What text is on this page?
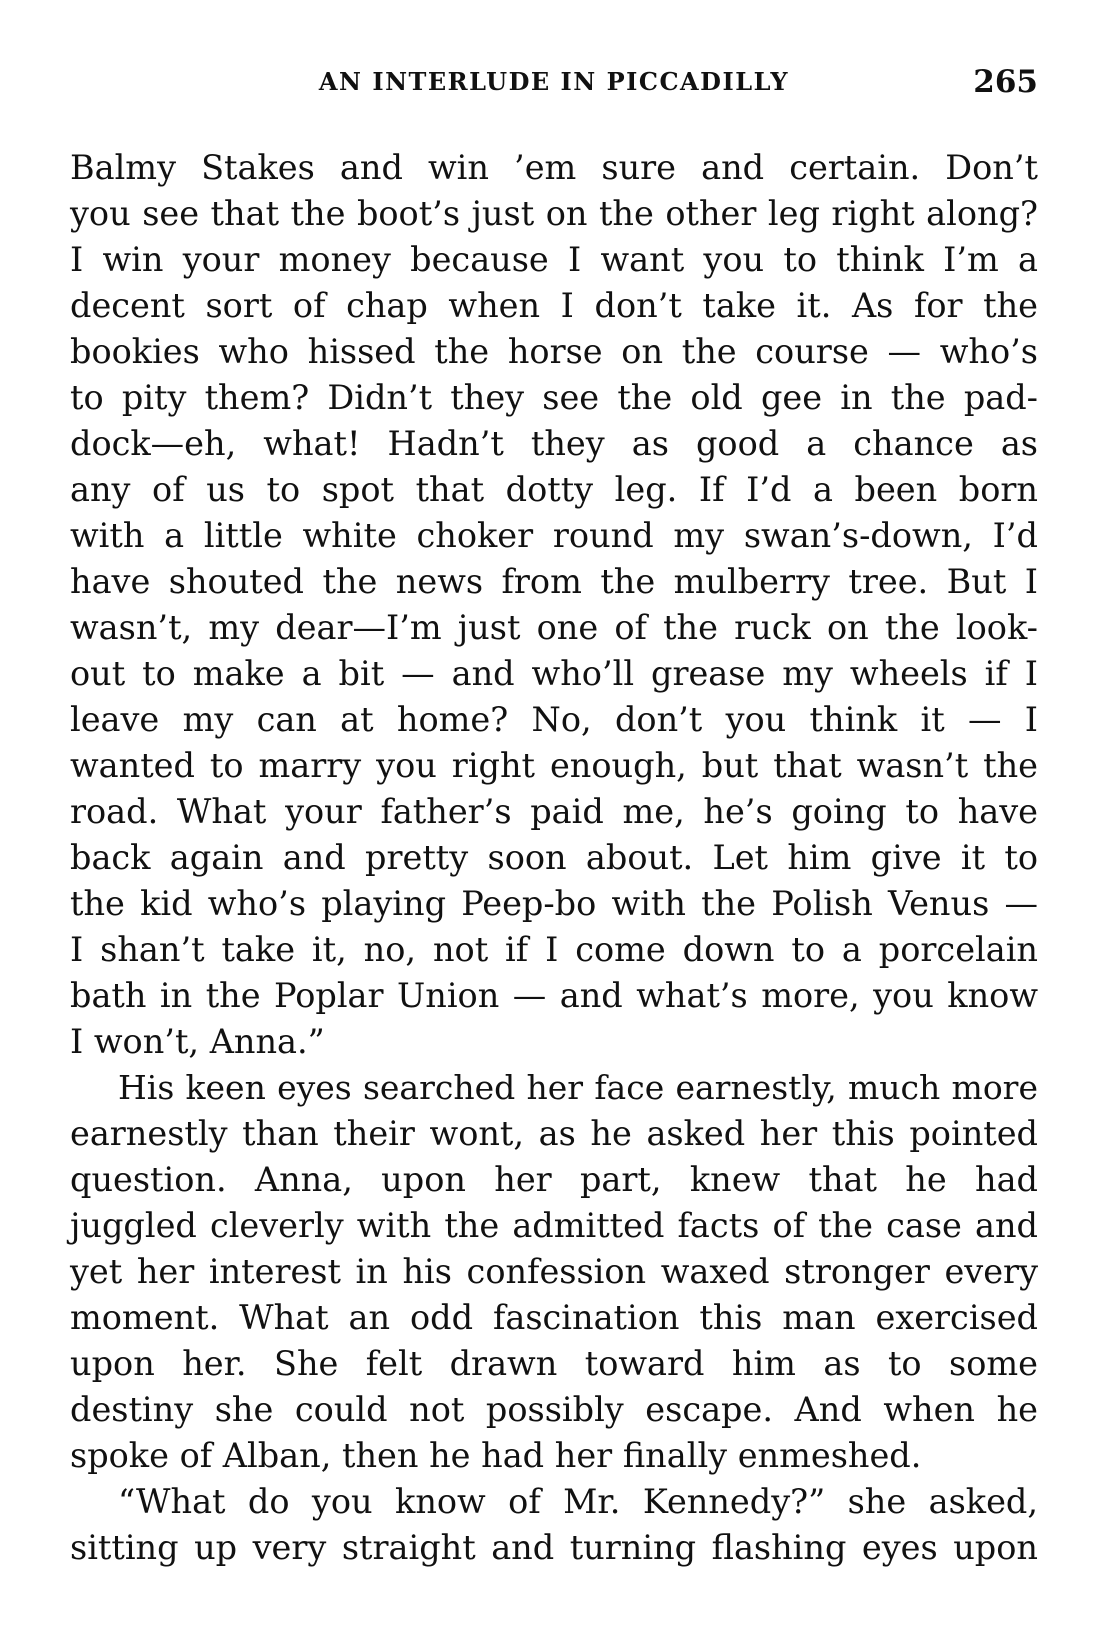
AN INTERLUDE IN PICCADILLY	265
Balmy Stakes and win ’em sure and certain. Don’t
you see that the boot’s just on the other leg right along?
I win your money because I want you to think I’m a
decent sort of chap when I don’t take it. As for the
bookies who hissed the horse on the course — who’s
to pity them? Didn’t they see the old gee in the pad-
dock—eh, what! Hadn’t they as good a chance as
any of us to spot that dotty leg. If I’d a been born
with a little white choker round my swan’s-down, I’d
have shouted the news from the mulberry tree. But I
wasn’t, my dear—I’m just one of the ruck on the look-
out to make a bit — and who’ll grease my wheels if I
leave my can at home? No, don’t you think it — I
wanted to marry you right enough, but that wasn’t the
road. What your father’s paid me, he’s going to have
back again and pretty soon about. Let him give it to
the kid who’s playing Peep-bo with the Polish Venus —
I shan’t take it, no, not if I come down to a porcelain
bath in the Poplar Union — and what’s more, you know
I won’t, Anna.”
His keen eyes searched her face earnestly, much more
earnestly than their wont, as he asked her this pointed
question. Anna, upon her part, knew that he had
juggled cleverly with the admitted facts of the case and
yet her interest in his confession waxed stronger every
moment. What an odd fascination this man exercised
upon her. She felt drawn toward him as to some
destiny she could not possibly escape. And when he
spoke of Alban, then he had her finally enmeshed.
“What do you know of Mr. Kennedy?” she asked,
sitting up very straight and turning flashing eyes upon
